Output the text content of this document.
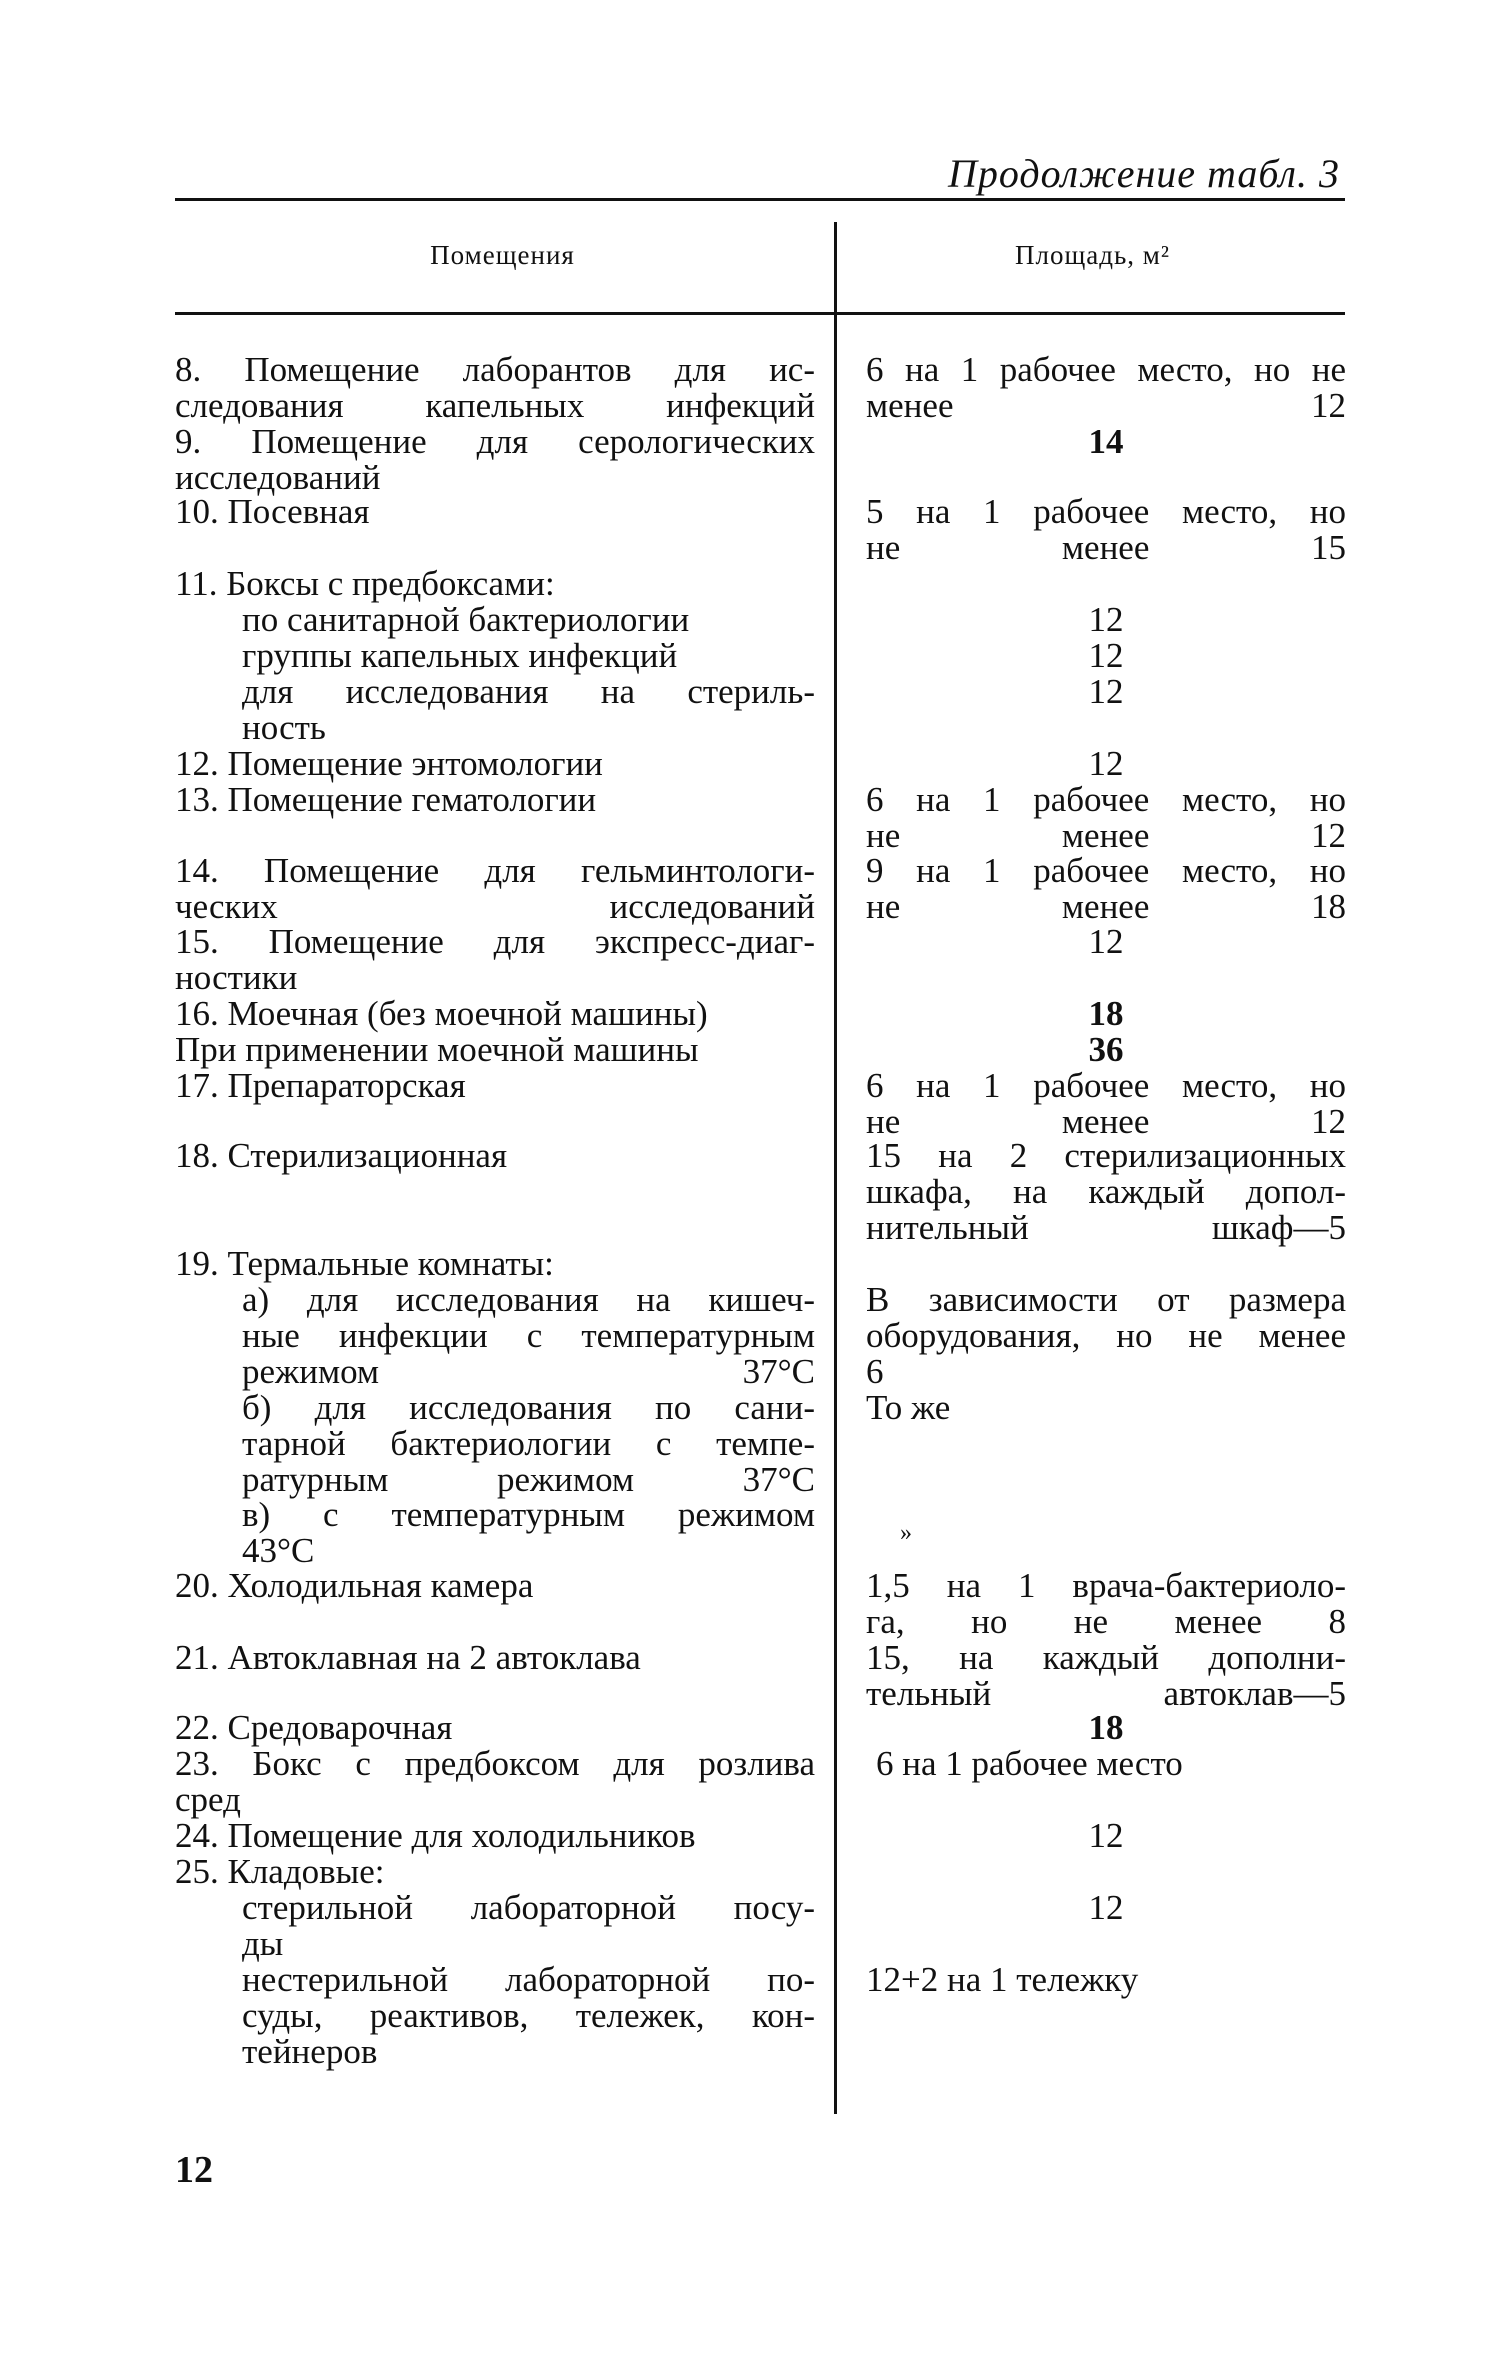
Продолжение табл. 3
Помещения	Площадь, м²
8. Помещение лаборантов для ис-
следования капельных инфекций
9. Помещение для серологических
исследований
10. Посевная
11. Боксы с предбоксами:
по санитарной бактериологии
группы капельных инфекций
для исследования на стериль-
ность
12. Помещение энтомологии
13. Помещение гематологии
14. Помещение для гельминтологи-
ческих исследований
15. Помещение для экспресс-диаг-
ностики
16. Моечная (без моечной машины)
При применении моечной машины
17. Препараторская
18. Стерилизационная
19. Термальные комнаты:
а) для исследования на кишеч-
ные инфекции с температурным
режимом 37°С
б) для исследования по сани-
тарной бактериологии с темпе-
ратурным режимом 37°С
в) с температурным режимом
43°С
20. Холодильная камера
21. Автоклавная на 2 автоклава
22. Средоварочная
23. Бокс с предбоксом для розлива
сред
24. Помещение для холодильников
25. Кладовые:
стерильной лабораторной посу-
ды
нестерильной лабораторной по-
суды, реактивов, тележек, кон-
тейнеров
6 на 1 рабочее место, но не
менее 12
14
5 на 1 рабочее место, но
не менее 15
12
12
12
12
6 на 1 рабочее место, но
не менее 12
9 на 1 рабочее место, но
не менее 18
12
18
36
6 на 1 рабочее место, но
не менее 12
15 на 2 стерилизационных
шкафа, на каждый допол-
нительный шкаф—5
В зависимости от размера
оборудования, но не менее
6
То же
»
1,5 на 1 врача-бактериоло-
га, но не менее 8
15, на каждый дополни-
тельный автоклав—5
18
6 на 1 рабочее место
12
12
12+2 на 1 тележку
12
